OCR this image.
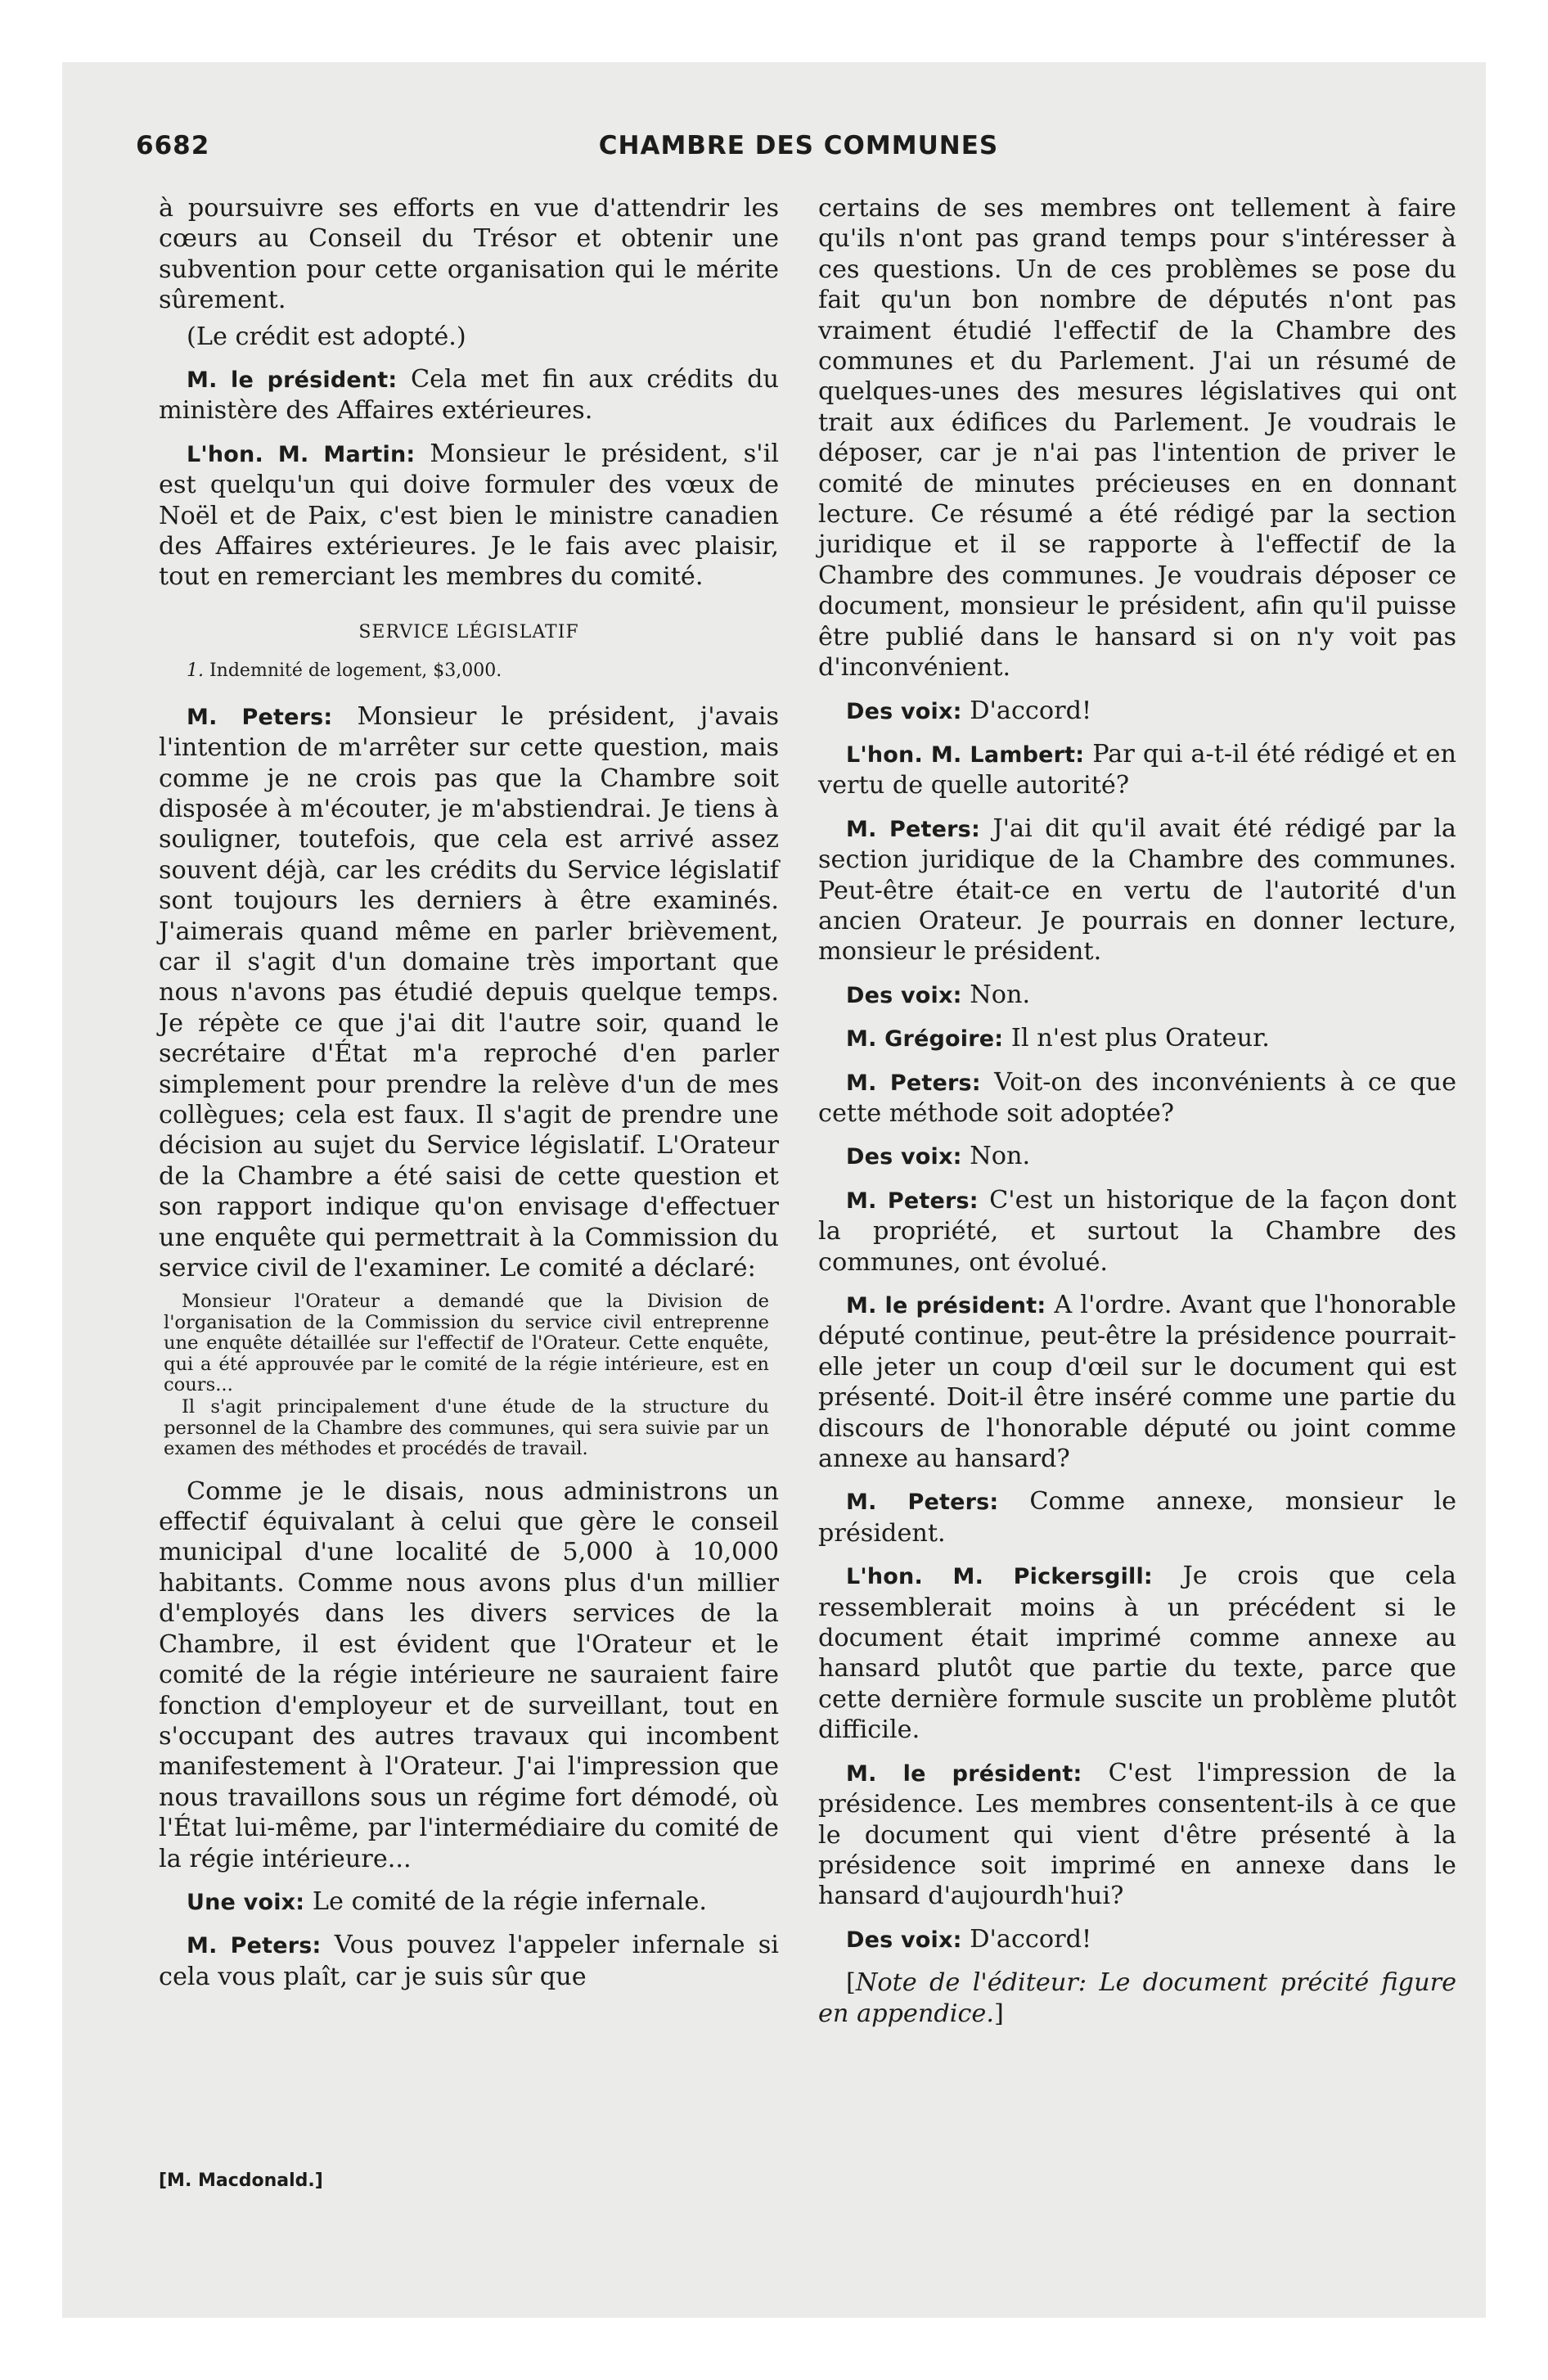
6682	CHAMBRE DES COMMUNES

à poursuivre ses efforts en vue d'attendrir les cœurs au Conseil du Trésor et obtenir une subvention pour cette organisation qui le mérite sûrement.

(Le crédit est adopté.)

M. le président: Cela met fin aux crédits du ministère des Affaires extérieures.

L'hon. M. Martin: Monsieur le président, s'il est quelqu'un qui doive formuler des vœux de Noël et de Paix, c'est bien le ministre canadien des Affaires extérieures. Je le fais avec plaisir, tout en remerciant les membres du comité.

SERVICE LÉGISLATIF
1. Indemnité de logement, $3,000.

M. Peters: Monsieur le président, j'avais l'intention de m'arrêter sur cette question, mais comme je ne crois pas que la Chambre soit disposée à m'écouter, je m'abstiendrai. Je tiens à souligner, toutefois, que cela est arrivé assez souvent déjà, car les crédits du Service législatif sont toujours les derniers à être examinés. J'aimerais quand même en parler brièvement, car il s'agit d'un domaine très important que nous n'avons pas étudié depuis quelque temps. Je répète ce que j'ai dit l'autre soir, quand le secrétaire d'État m'a reproché d'en parler simplement pour prendre la relève d'un de mes collègues; cela est faux. Il s'agit de prendre une décision au sujet du Service législatif. L'Orateur de la Chambre a été saisi de cette question et son rapport indique qu'on envisage d'effectuer une enquête qui permettrait à la Commission du service civil de l'examiner. Le comité a déclaré:

Monsieur l'Orateur a demandé que la Division de l'organisation de la Commission du service civil entreprenne une enquête détaillée sur l'effectif de l'Orateur. Cette enquête, qui a été approuvée par le comité de la régie intérieure, est en cours...

Il s'agit principalement d'une étude de la structure du personnel de la Chambre des communes, qui sera suivie par un examen des méthodes et procédés de travail.

Comme je le disais, nous administrons un effectif équivalant à celui que gère le conseil municipal d'une localité de 5,000 à 10,000 habitants. Comme nous avons plus d'un millier d'employés dans les divers services de la Chambre, il est évident que l'Orateur et le comité de la régie intérieure ne sauraient faire fonction d'employeur et de surveillant, tout en s'occupant des autres travaux qui incombent manifestement à l'Orateur. J'ai l'impression que nous travaillons sous un régime fort démodé, où l'État lui-même, par l'intermédiaire du comité de la régie intérieure...

Une voix: Le comité de la régie infernale.

M. Peters: Vous pouvez l'appeler infernale si cela vous plaît, car je suis sûr que

certains de ses membres ont tellement à faire qu'ils n'ont pas grand temps pour s'intéresser à ces questions. Un de ces problèmes se pose du fait qu'un bon nombre de députés n'ont pas vraiment étudié l'effectif de la Chambre des communes et du Parlement. J'ai un résumé de quelques-unes des mesures législatives qui ont trait aux édifices du Parlement. Je voudrais le déposer, car je n'ai pas l'intention de priver le comité de minutes précieuses en en donnant lecture. Ce résumé a été rédigé par la section juridique et il se rapporte à l'effectif de la Chambre des communes. Je voudrais déposer ce document, monsieur le président, afin qu'il puisse être publié dans le hansard si on n'y voit pas d'inconvénient.

Des voix: D'accord!

L'hon. M. Lambert: Par qui a-t-il été rédigé et en vertu de quelle autorité?

M. Peters: J'ai dit qu'il avait été rédigé par la section juridique de la Chambre des communes. Peut-être était-ce en vertu de l'autorité d'un ancien Orateur. Je pourrais en donner lecture, monsieur le président.

Des voix: Non.

M. Grégoire: Il n'est plus Orateur.

M. Peters: Voit-on des inconvénients à ce que cette méthode soit adoptée?

Des voix: Non.

M. Peters: C'est un historique de la façon dont la propriété, et surtout la Chambre des communes, ont évolué.

M. le président: A l'ordre. Avant que l'honorable député continue, peut-être la présidence pourrait-elle jeter un coup d'œil sur le document qui est présenté. Doit-il être inséré comme une partie du discours de l'honorable député ou joint comme annexe au hansard?

M. Peters: Comme annexe, monsieur le président.

L'hon. M. Pickersgill: Je crois que cela ressemblerait moins à un précédent si le document était imprimé comme annexe au hansard plutôt que partie du texte, parce que cette dernière formule suscite un problème plutôt difficile.

M. le président: C'est l'impression de la présidence. Les membres consentent-ils à ce que le document qui vient d'être présenté à la présidence soit imprimé en annexe dans le hansard d'aujourdh'hui?

Des voix: D'accord!

[Note de l'éditeur: Le document précité figure en appendice.]

[M. Macdonald.]
